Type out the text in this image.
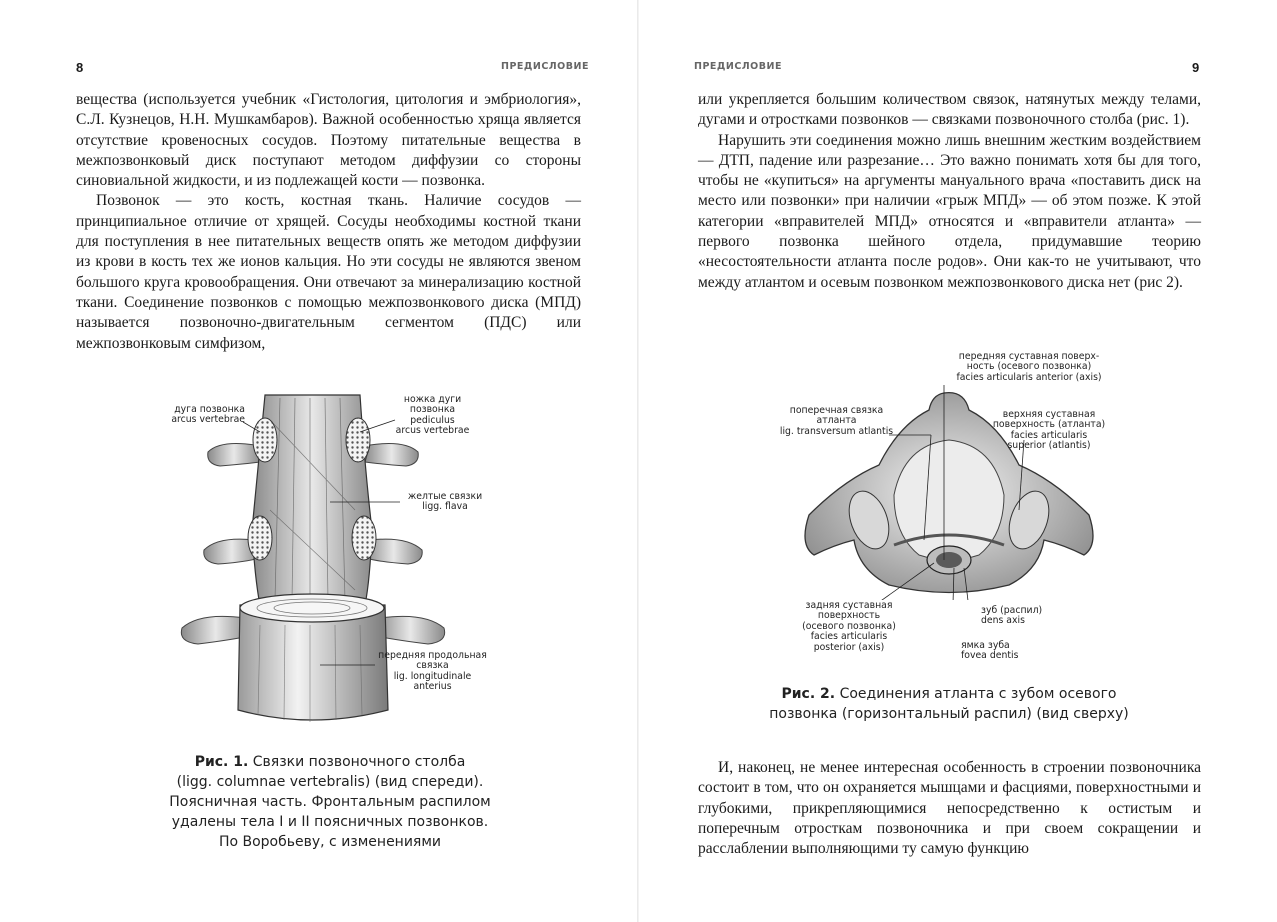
8	ПРЕДИСЛОВИЕ

вещества (используется учебник «Гистология, цитология и эмбриология», С.Л. Кузнецов, Н.Н. Мушкамбаров). Важной особенностью хряща является отсутствие кровеносных сосудов. Поэтому питательные вещества в межпозвонковый диск поступают методом диффузии со стороны синовиальной жидкости, и из подлежащей кости — позвонка.

Позвонок — это кость, костная ткань. Наличие сосудов — принципиальное отличие от хрящей. Сосуды необходимы костной ткани для поступления в нее питательных веществ опять же методом диффузии из крови в кость тех же ионов кальция. Но эти сосуды не являются звеном большого круга кровообращения. Они отвечают за минерализацию костной ткани. Соединение позвонков с помощью межпозвонкового диска (МПД) называется позвоночно-двигательным сегментом (ПДС) или межпозвонковым симфизом,

дуга позвонка
arcus vertebrae
ножка дуги
позвонка
pediculus
arcus vertebrae
желтые связки
ligg. flava
передняя продольная
связка
lig. longitudinale
anterius
Рис. 1. Связки позвоночного столба
(ligg. columnae vertebralis) (вид спереди).
Поясничная часть. Фронтальным распилом
удалены тела I и II поясничных позвонков.
По Воробьеву, с изменениями
ПРЕДИСЛОВИЕ	9

или укрепляется большим количеством связок, натянутых между телами, дугами и отростками позвонков — связками позвоночного столба (рис. 1).

Нарушить эти соединения можно лишь внешним жестким воздействием — ДТП, падение или разрезание… Это важно понимать хотя бы для того, чтобы не «купиться» на аргументы мануального врача «поставить диск на место или позвонки» при наличии «грыж МПД» — об этом позже. К этой категории «вправителей МПД» относятся и «вправители атланта» — первого позвонка шейного отдела, придумавшие теорию «несостоятельности атланта после родов». Они как-то не учитывают, что между атлантом и осевым позвонком межпозвонкового диска нет (рис 2).

передняя суставная поверх-
ность (осевого позвонка)
facies articularis anterior (axis)
поперечная связка
атланта
lig. transversum atlantis
верхняя суставная
поверхность (атланта)
facies articularis
superior (atlantis)
задняя суставная
поверхность
(осевого позвонка)
facies articularis
posterior (axis)
зуб (распил)
dens axis
ямка зуба
fovea dentis
Рис. 2. Соединения атланта с зубом осевого
позвонка (горизонтальный распил) (вид сверху)

И, наконец, не менее интересная особенность в строении позвоночника состоит в том, что он охраняется мышцами и фасциями, поверхностными и глубокими, прикрепляющимися непосредственно к остистым и поперечным отросткам позвоночника и при своем сокращении и расслаблении выполняющими ту самую функцию
